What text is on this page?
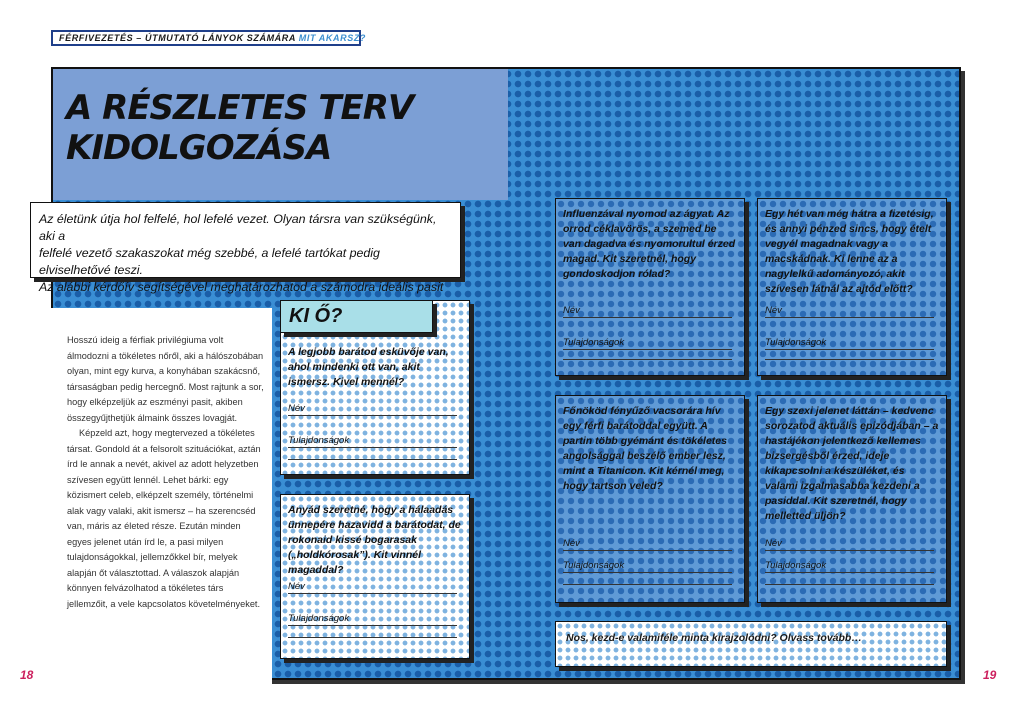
FÉRFIVEZETÉS – ÚTMUTATÓ LÁNYOK SZÁMÁRA MIT AKARSZ?
A RÉSZLETES TERV
KIDOLGOZÁSA
Az életünk útja hol felfelé, hol lefelé vezet. Olyan társra van szükségünk, aki a
felfelé vezető szakaszokat még szebbé, a lefelé tartókat pedig elviselhetővé teszi.
Az alábbi kérdőív segítségével meghatározhatod a számodra ideális pasit

Hosszú ideig a férfiak privilégiuma volt álmodozni a tökéletes nőről, aki a hálószobában olyan, mint egy kurva, a konyhában szakácsnő, társaságban pedig hercegnő. Most rajtunk a sor, hogy elképzeljük az eszményi pasit, akiben összegyűjthetjük álmaink összes lovagját.

Képzeld azt, hogy megtervezed a tökéletes társat. Gondold át a felsorolt szituációkat, aztán írd le annak a nevét, akivel az adott helyzetben szívesen együtt lennél. Lehet bárki: egy közismert celeb, elképzelt személy, történelmi alak vagy valaki, akit ismersz – ha szerencséd van, máris az életed része. Ezután minden egyes jelenet után írd le, a pasi milyen tulajdonságokkal, jellemzőkkel bír, melyek alapján őt választottad. A válaszok alapján könnyen felvázolhatod a tökéletes társ jellemzőit, a vele kapcsolatos követelményeket.

18	19

A legjobb barátod esküvője van, ahol mindenki ott van, akit ismersz. Kivel mennél?

Név
Tulajdonságok
KI Ő?

Anyád szeretné, hogy a hálaadás ünnepére hazavidd a barátodat, de rokonaid kissé bogarasak („holdkórosak”). Kit vinnél magaddal?

Név
Tulajdonságok

Influenzával nyomod az ágyat. Az orrod céklavörös, a szemed be van dagadva és nyomorultul érzed magad. Kit szeretnél, hogy gondoskodjon rólad?

Név
Tulajdonságok

Egy hét van még hátra a fizetésig, és annyi pénzed sincs, hogy ételt vegyél magadnak vagy a macskádnak. Ki lenne az a nagylelkű adományozó, akit szívesen látnál az ajtód előtt?

Név
Tulajdonságok

Főnököd fényűző vacsorára hív egy férfi barátoddal együtt. A partin több gyémánt és tökéletes angolsággal beszélő ember lesz, mint a Titanicon. Kit kérnél meg, hogy tartson veled?

Név
Tulajdonságok

Egy szexi jelenet láttán – kedvenc sorozatod aktuális epizódjában – a hastájékon jelentkező kellemes bizsergésből érzed, ideje kikapcsolni a készüléket, és valami izgalmasabba kezdeni a pasiddal. Kit szeretnél, hogy melletted üljön?

Név
Tulajdonságok
Nos, kezd-e valamiféle minta kirajzolódni? Olvass tovább…
